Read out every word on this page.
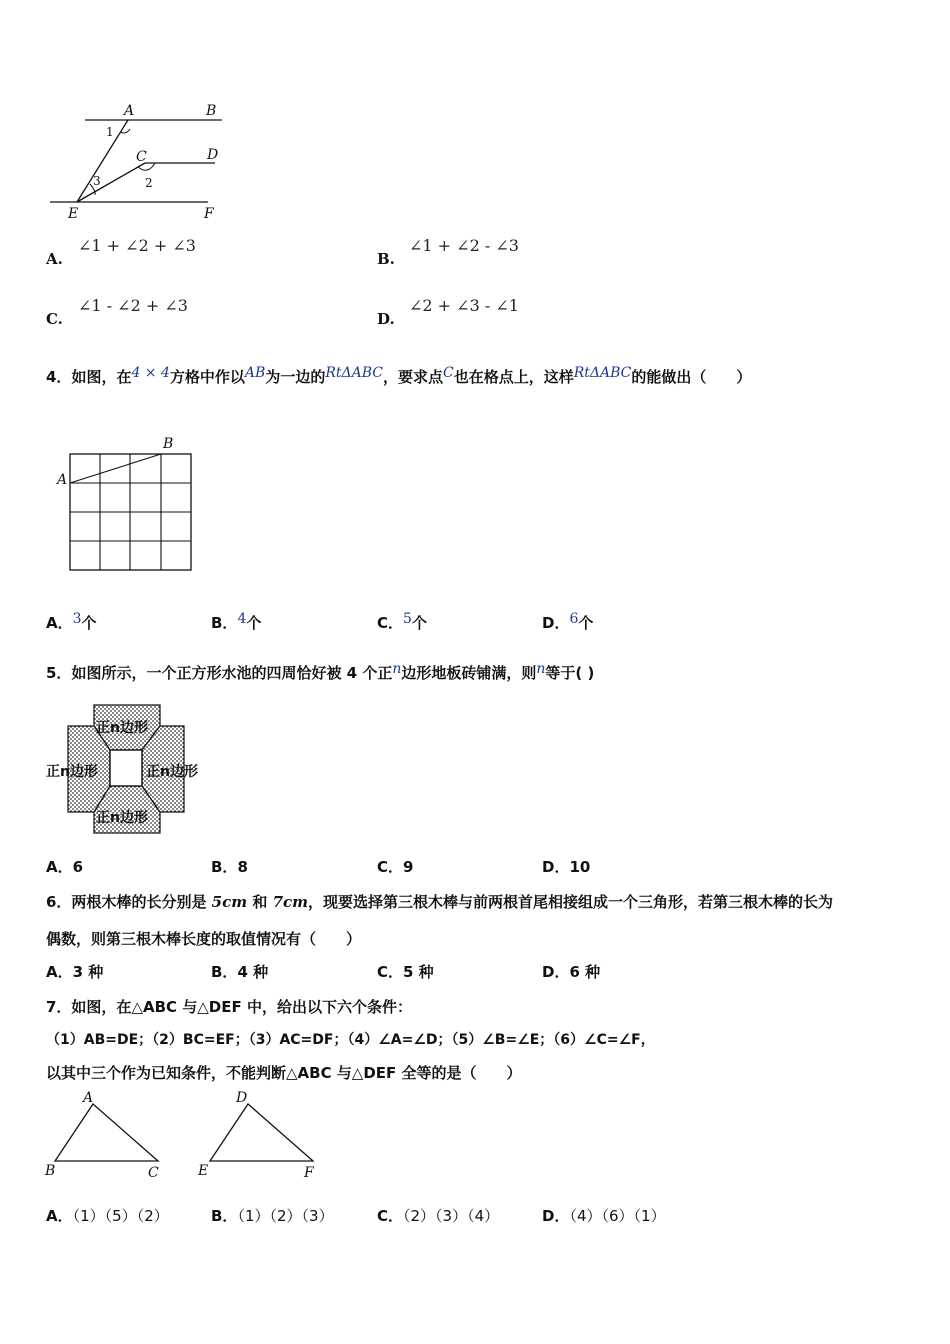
A	B
C	D
E	F
1
2
3
A.
∠1 + ∠2 + ∠3
B.
∠1 + ∠2 - ∠3
C.
∠1 - ∠2 + ∠3
D.
∠2 + ∠3 - ∠1
4．如图，在4 × 4方格中作以AB为一边的RtΔABC，要求点C也在格点上，这样RtΔABC的能做出（　　）
A
B
A．3个	B．4个	C．5个	D．6个
5．如图所示，一个正方形水池的四周恰好被 4 个正n边形地板砖铺满，则n等于( )
正n边形
正n边形	正n边形
正n边形
A．6	B．8	C．9	D．10
6．两根木棒的长分别是 5cm 和 7cm，现要选择第三根木棒与前两根首尾相接组成一个三角形，若第三根木棒的长为
偶数，则第三根木棒长度的取值情况有（　　）
A．3 种	B．4 种	C．5 种	D．6 种
7．如图，在△ABC 与△DEF 中，给出以下六个条件：
（1）AB=DE；（2）BC=EF；（3）AC=DF；（4）∠A=∠D；（5）∠B=∠E；（6）∠C=∠F，
以其中三个作为已知条件，不能判断△ABC 与△DEF 全等的是（　　）
A
B	C
D
E	F
A．（1）（5）（2）	B．（1）（2）（3）	C．（2）（3）（4）	D．（4）（6）（1）
